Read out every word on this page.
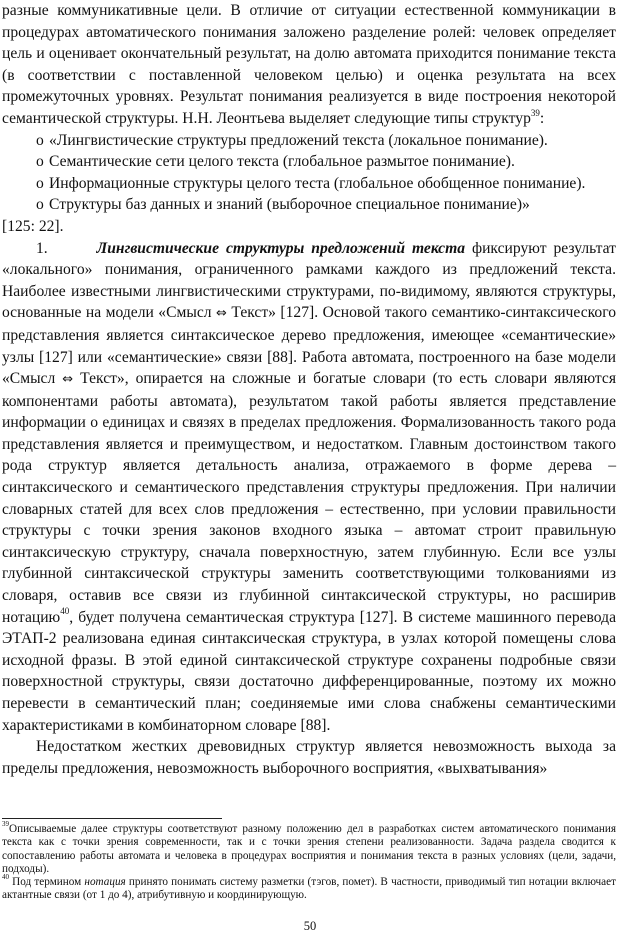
разные коммуникативные цели. В отличие от ситуации естественной коммуникации в процедурах автоматического понимания заложено разделение ролей: человек определяет цель и оценивает окончательный результат, на долю автомата приходится понимание текста (в соответствии с поставленной человеком целью) и оценка результата на всех промежуточных уровнях. Результат понимания реализуется в виде построения некоторой семантической структуры. Н.Н. Леонтьева выделяет следующие типы структур$^{39}$:

o «Лингвистические структуры предложений текста (локальное понимание).

o Семантические сети целого текста (глобальное размытое понимание).

o Информационные структуры целого теста (глобальное обобщенное понимание).

o Структуры баз данных и знаний (выборочное специальное понимание)»

[125: 22].

1.	Лингвистические структуры предложений текста фиксируют результат «локального» понимания, ограниченного рамками каждого из предложений текста. Наиболее известными лингвистическими структурами, по-видимому, являются структуры, основанные на модели «Смысл ⇔ Текст» [127]. Основой такого семантико-синтаксического представления является синтаксическое дерево предложения, имеющее «семантические» узлы [127] или «семантические» связи [88]. Работа автомата, построенного на базе модели «Смысл ⇔ Текст», опирается на сложные и богатые словари (то есть словари являются компонентами работы автомата), результатом такой работы является представление информации о единицах и связях в пределах предложения. Формализованность такого рода представления является и преимуществом, и недостатком. Главным достоинством такого рода структур является детальность анализа, отражаемого в форме дерева – синтаксического и семантического представления структуры предложения. При наличии словарных статей для всех слов предложения – естественно, при условии правильности структуры с точки зрения законов входного языка – автомат строит правильную синтаксическую структуру, сначала поверхностную, затем глубинную. Если все узлы глубинной синтаксической структуры заменить соответствующими толкованиями из словаря, оставив все связи из глубинной синтаксической структуры, но расширив нотацию$^{40}$, будет получена семантическая структура [127]. В системе машинного перевода ЭТАП-2 реализована единая синтаксическая структура, в узлах которой помещены слова исходной фразы. В этой единой синтаксической структуре сохранены подробные связи поверхностной структуры, связи достаточно дифференцированные, поэтому их можно перевести в семантический план; соединяемые ими слова снабжены семантическими характеристиками в комбинаторном словаре [88].

Недостатком жестких древовидных структур является невозможность выхода за пределы предложения, невозможность выборочного восприятия, «выхватывания»

$^{39}$Описываемые далее структуры соответствуют разному положению дел в разработках систем автоматического понимания текста как с точки зрения современности, так и с точки зрения степени реализованности. Задача раздела сводится к сопоставлению работы автомата и человека в процедурах восприятия и понимания текста в разных условиях (цели, задачи, подходы).

$^{40}$ Под термином нотация принято понимать систему разметки (тэгов, помет). В частности, приводимый тип нотации включает актантные связи (от 1 до 4), атрибутивную и координирующую.

50
